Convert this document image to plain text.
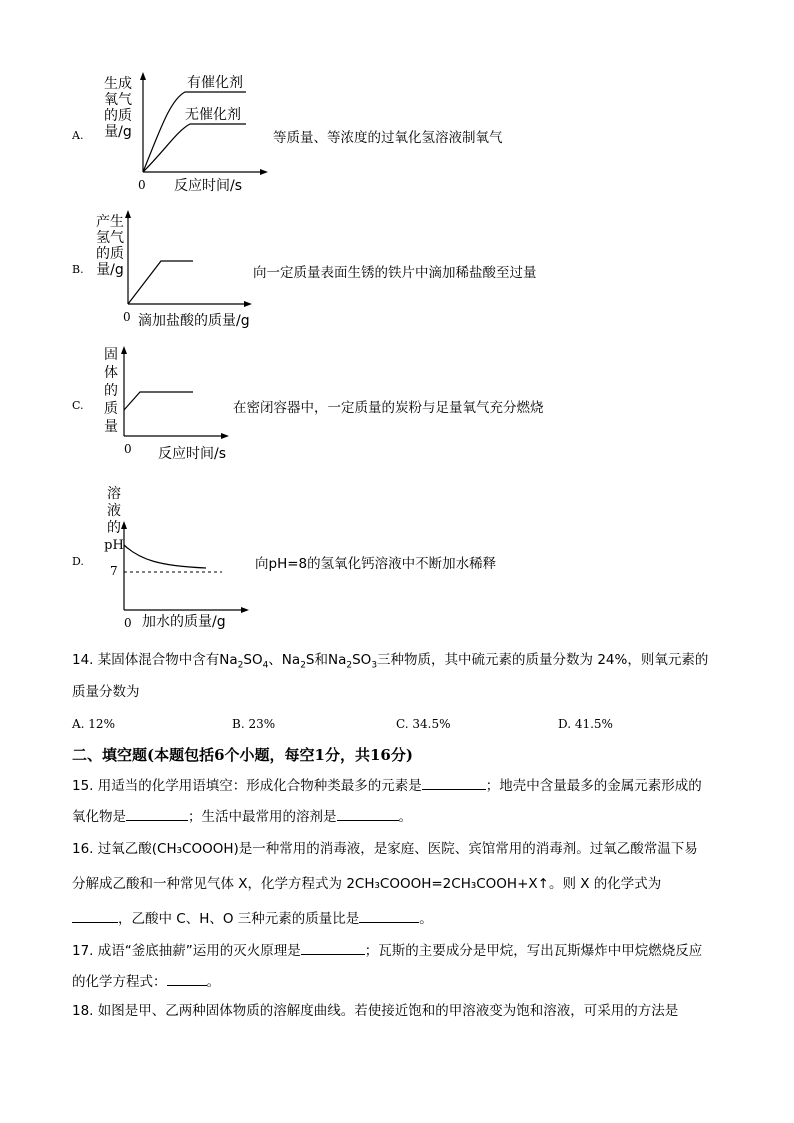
A.
生成
氧气
的质
量/g
0 反应时间/s
有催化剂
无催化剂
等质量、等浓度的过氧化氢溶液制氧气
B.
产生
氢气
的质
量/g
0 滴加盐酸的质量/g
向一定质量表面生锈的铁片中滴加稀盐酸至过量
C.
固
体
的
质
量
0 反应时间/s
在密闭容器中，一定质量的炭粉与足量氧气充分燃烧
D.
溶
液
的
pH
7
0 加水的质量/g
向pH=8的氢氧化钙溶液中不断加水稀释
14. 某固体混合物中含有$Na_2SO_4$、$Na_2S$和$Na_2SO_3$三种物质，其中硫元素的质量分数为 24%，则氧元素的
质量分数为
A. 12%	B. 23%	C. 34.5%	D. 41.5%
二、填空题(本题包括6个小题，每空1分，共16分)
15. 用适当的化学用语填空：形成化合物种类最多的元素是	；地壳中含量最多的金属元素形成的
氧化物是	；生活中最常用的溶剂是	。
16. 过氧乙酸(CH₃COOOH)是一种常用的消毒液，是家庭、医院、宾馆常用的消毒剂。过氧乙酸常温下易
分解成乙酸和一种常见气体 X，化学方程式为 2CH₃COOOH=2CH₃COOH+X↑。则 X 的化学式为
，乙酸中 C、H、O 三种元素的质量比是	。
17. 成语“釜底抽薪”运用的灭火原理是	；瓦斯的主要成分是甲烷，写出瓦斯爆炸中甲烷燃烧反应
的化学方程式：	。
18. 如图是甲、乙两种固体物质的溶解度曲线。若使接近饱和的甲溶液变为饱和溶液，可采用的方法是
